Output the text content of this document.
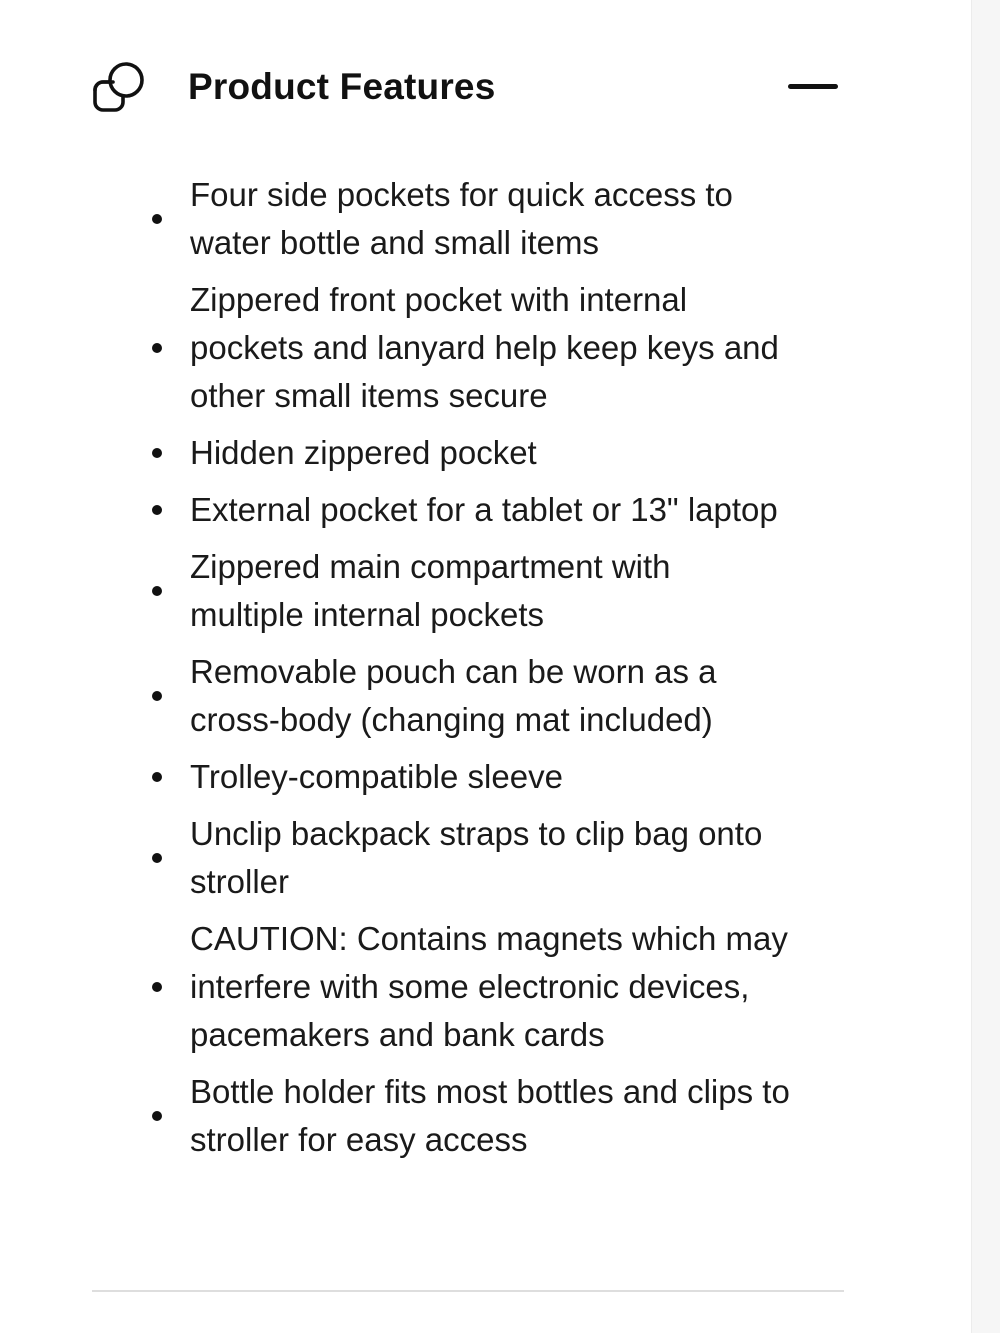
Product Features
Four side pockets for quick access to water bottle and small items
Zippered front pocket with internal pockets and lanyard help keep keys and other small items secure
Hidden zippered pocket
External pocket for a tablet or 13" laptop
Zippered main compartment with multiple internal pockets
Removable pouch can be worn as a cross-body (changing mat included)
Trolley-compatible sleeve
Unclip backpack straps to clip bag onto stroller
CAUTION: Contains magnets which may interfere with some electronic devices, pacemakers and bank cards
Bottle holder fits most bottles and clips to stroller for easy access
